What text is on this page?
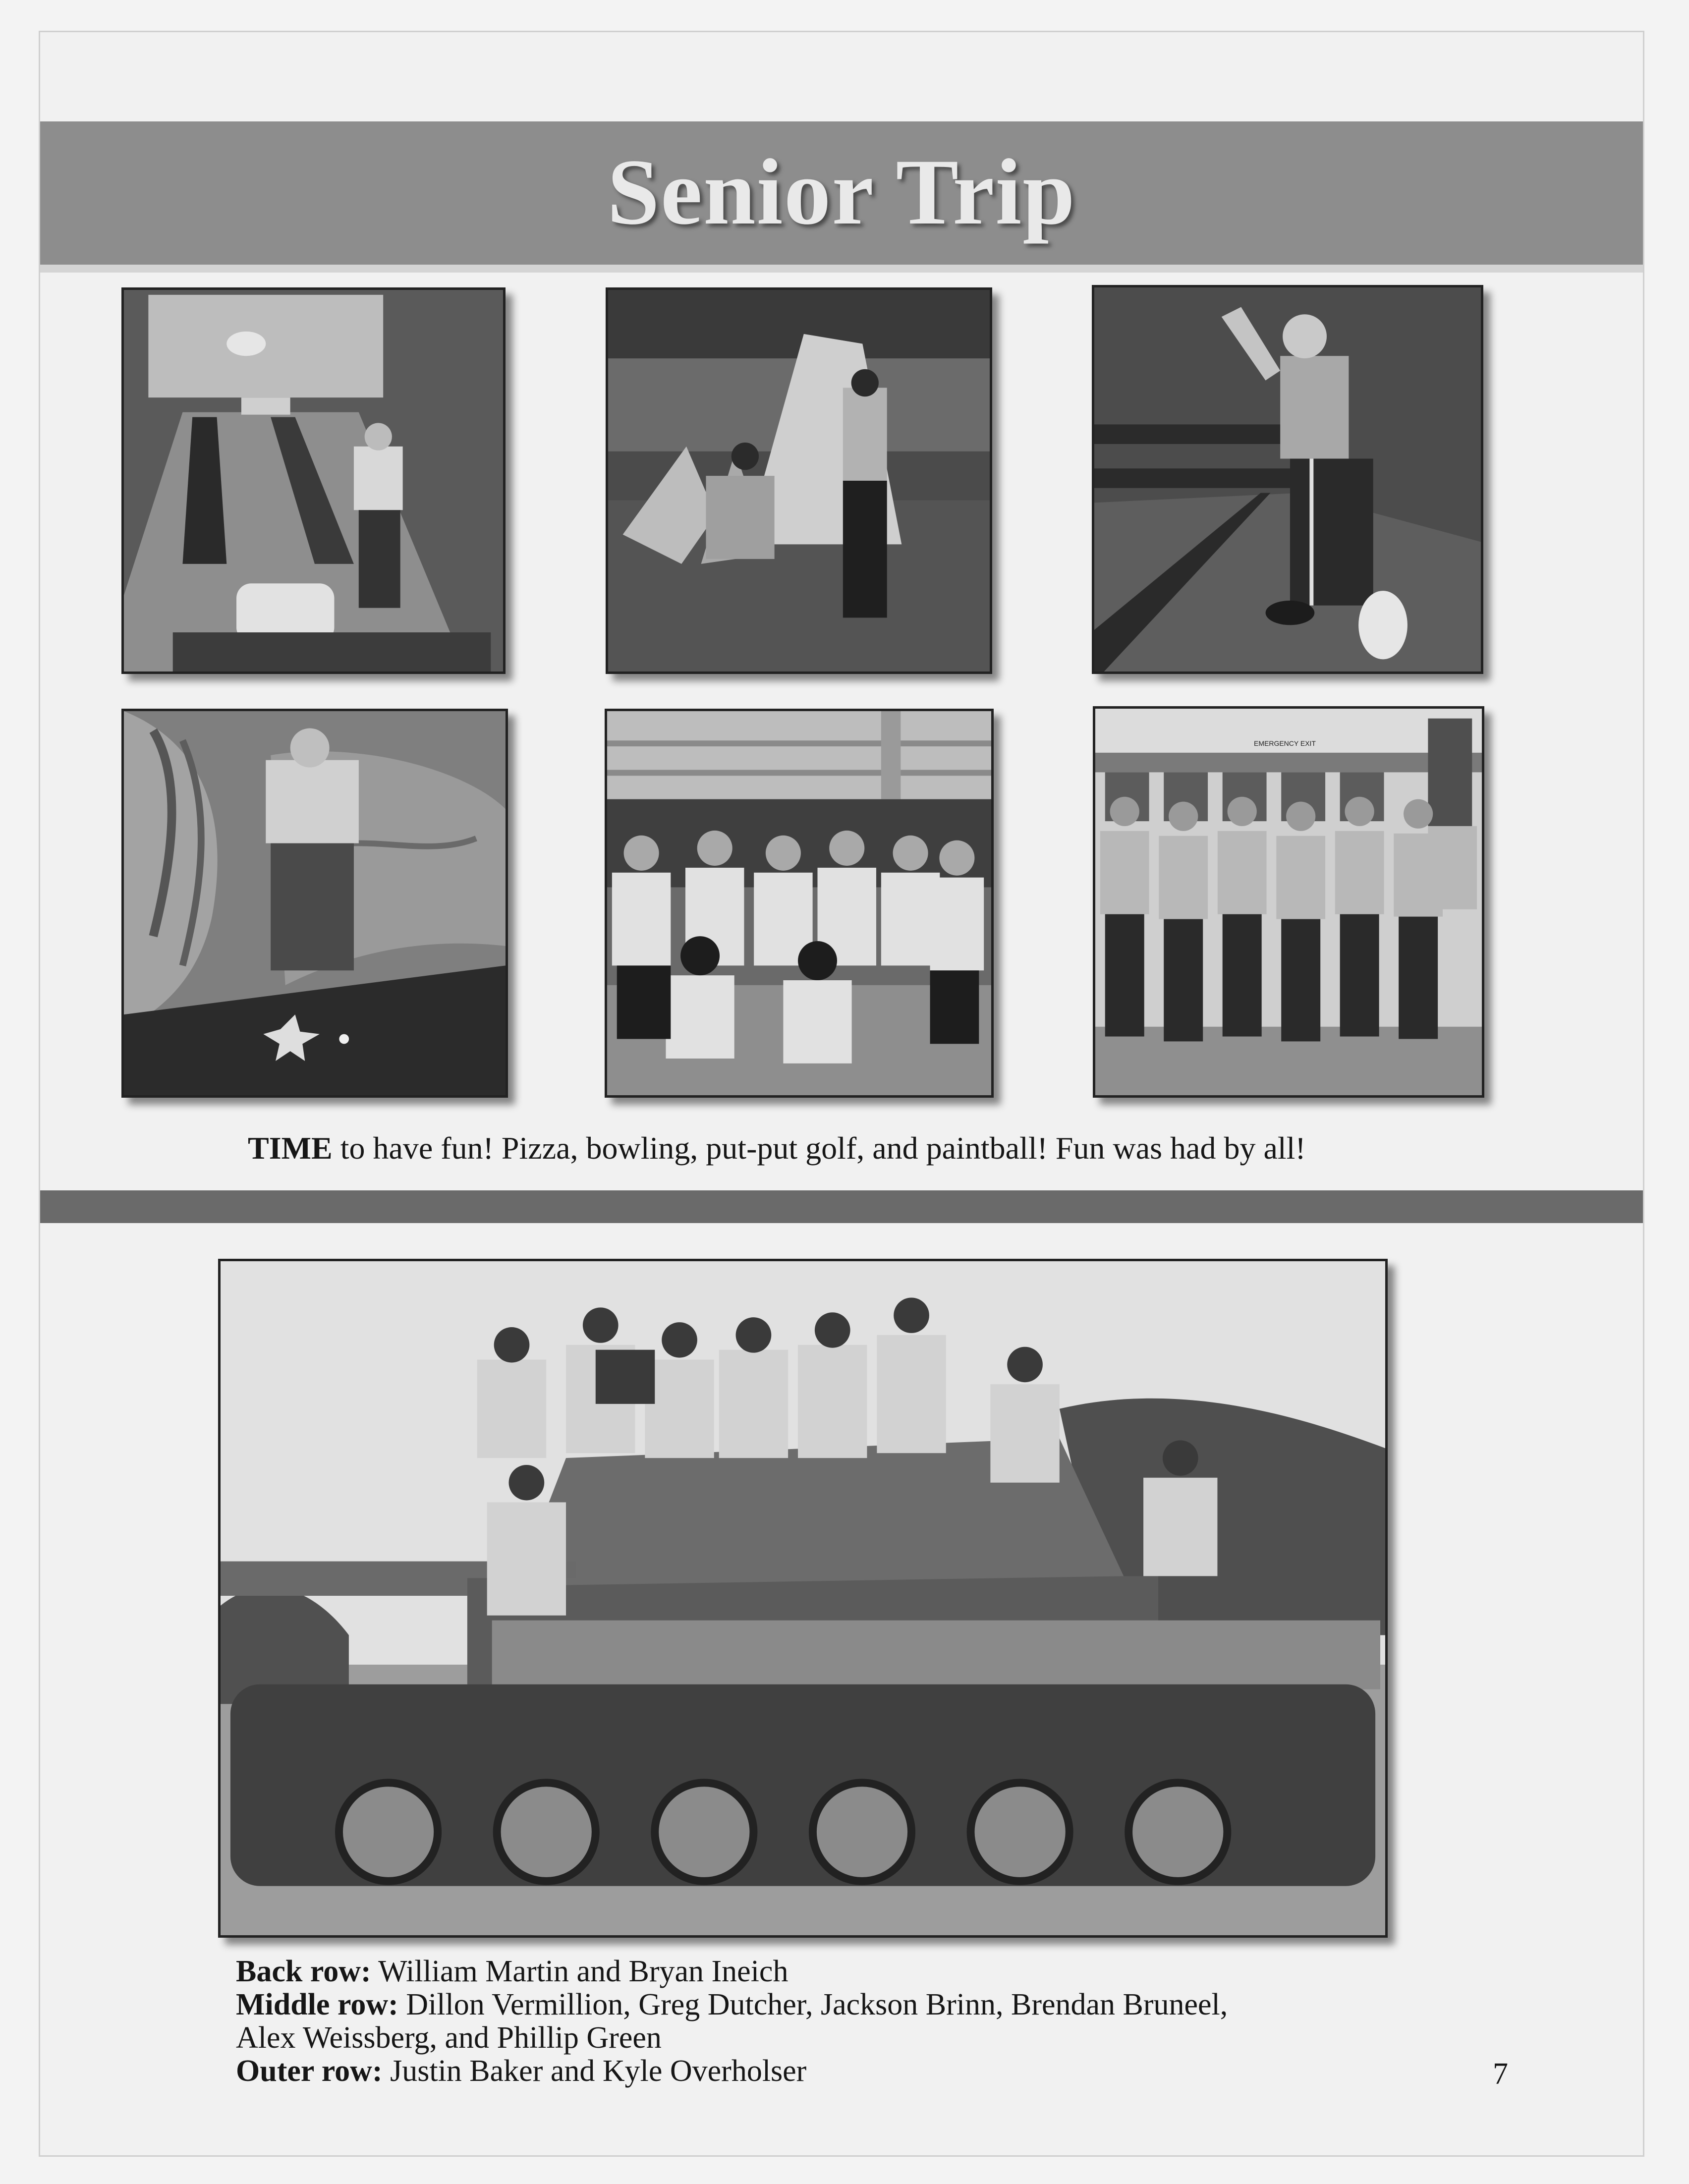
Senior Trip
EMERGENCY EXIT
TIME to have fun! Pizza, bowling, put-put golf, and paintball! Fun was had by all!
Back row: William Martin and Bryan Ineich
Middle row: Dillon Vermillion, Greg Dutcher, Jackson Brinn, Brendan Bruneel,
Alex Weissberg, and Phillip Green
Outer row: Justin Baker and Kyle Overholser	7
